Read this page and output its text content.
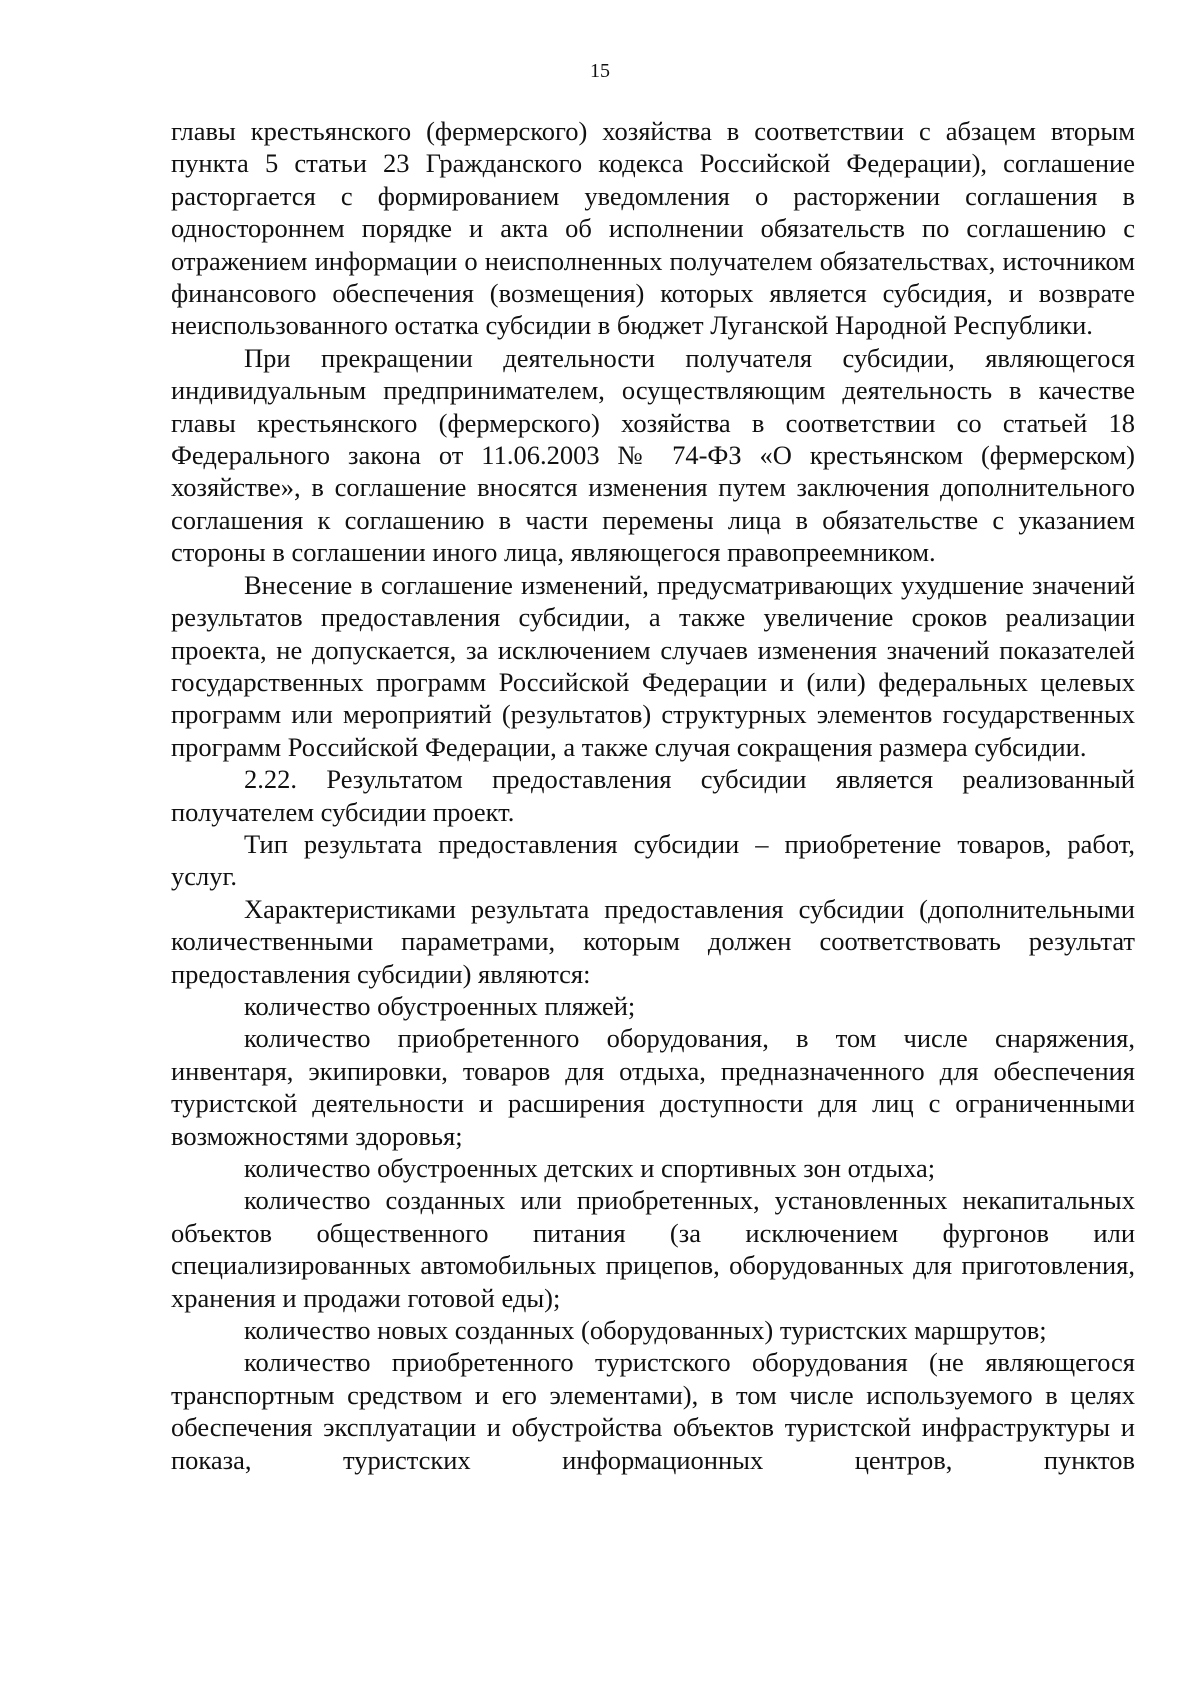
15

главы крестьянского (фермерского) хозяйства в соответствии с абзацем вторым пункта 5 статьи 23 Гражданского кодекса Российской Федерации), соглашение расторгается с формированием уведомления о расторжении соглашения в одностороннем порядке и акта об исполнении обязательств по соглашению с отражением информации о неисполненных получателем обязательствах, источником финансового обеспечения (возмещения) которых является субсидия, и возврате неиспользованного остатка субсидии в бюджет Луганской Народной Республики.

При прекращении деятельности получателя субсидии, являющегося индивидуальным предпринимателем, осуществляющим деятельность в качестве главы крестьянского (фермерского) хозяйства в соответствии со статьей 18 Федерального закона от 11.06.2003 № 74-ФЗ «О крестьянском (фермерском) хозяйстве», в соглашение вносятся изменения путем заключения дополнительного соглашения к соглашению в части перемены лица в обязательстве с указанием стороны в соглашении иного лица, являющегося правопреемником.

Внесение в соглашение изменений, предусматривающих ухудшение значений результатов предоставления субсидии, а также увеличение сроков реализации проекта, не допускается, за исключением случаев изменения значений показателей государственных программ Российской Федерации и (или) федеральных целевых программ или мероприятий (результатов) структурных элементов государственных программ Российской Федерации, а также случая сокращения размера субсидии.

2.22. Результатом предоставления субсидии является реализованный получателем субсидии проект.

Тип результата предоставления субсидии – приобретение товаров, работ, услуг.

Характеристиками результата предоставления субсидии (дополнительными количественными параметрами, которым должен соответствовать результат предоставления субсидии) являются:

количество обустроенных пляжей;

количество приобретенного оборудования, в том числе снаряжения, инвентаря, экипировки, товаров для отдыха, предназначенного для обеспечения туристской деятельности и расширения доступности для лиц с ограниченными возможностями здоровья;

количество обустроенных детских и спортивных зон отдыха;

количество созданных или приобретенных, установленных некапитальных объектов общественного питания (за исключением фургонов или специализированных автомобильных прицепов, оборудованных для приготовления, хранения и продажи готовой еды);

количество новых созданных (оборудованных) туристских маршрутов;

количество приобретенного туристского оборудования (не являющегося транспортным средством и его элементами), в том числе используемого в целях обеспечения эксплуатации и обустройства объектов туристской инфраструктуры и показа, туристских информационных центров, пунктов
